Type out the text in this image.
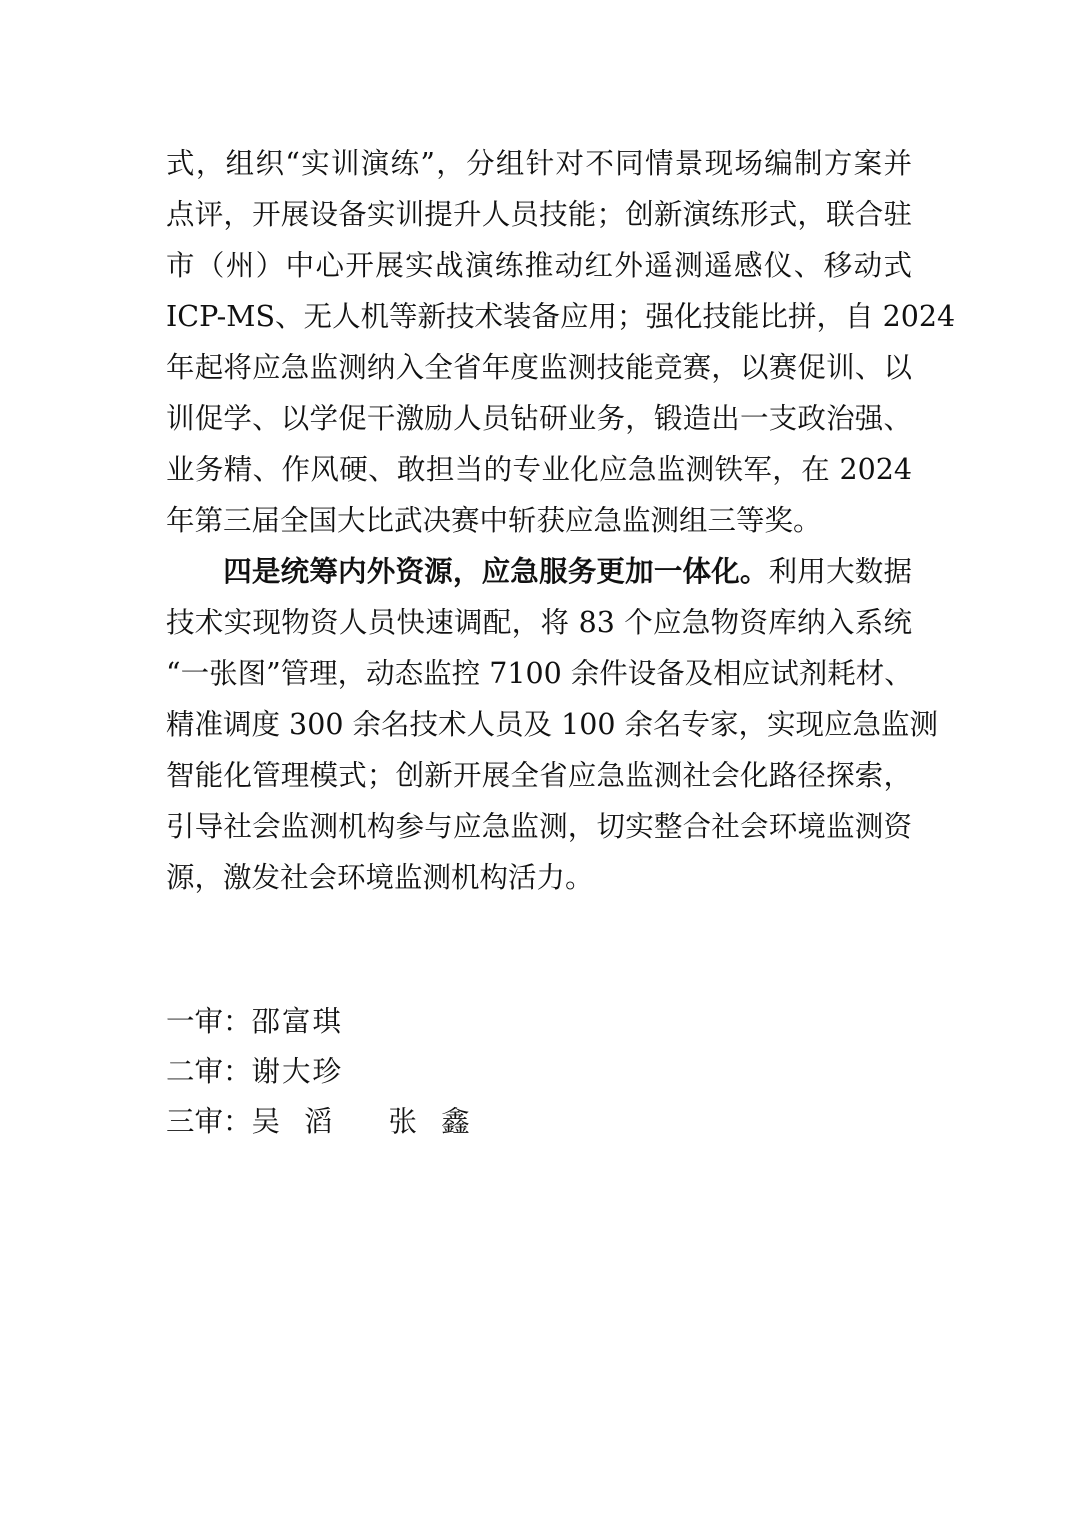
式，组织“实训演练”，分组针对不同情景现场编制方案并
点评，开展设备实训提升人员技能；创新演练形式，联合驻
市（州）中心开展实战演练推动红外遥测遥感仪、移动式
ICP-MS、无人机等新技术装备应用；强化技能比拼，自 2024
年起将应急监测纳入全省年度监测技能竞赛，以赛促训、以
训促学、以学促干激励人员钻研业务，锻造出一支政治强、
业务精、作风硬、敢担当的专业化应急监测铁军，在 2024
年第三届全国大比武决赛中斩获应急监测组三等奖。
四是统筹内外资源，应急服务更加一体化。利用大数据
技术实现物资人员快速调配，将 83 个应急物资库纳入系统
“一张图”管理，动态监控 7100 余件设备及相应试剂耗材、
精准调度 300 余名技术人员及 100 余名专家，实现应急监测
智能化管理模式；创新开展全省应急监测社会化路径探索，
引导社会监测机构参与应急监测，切实整合社会环境监测资
源，激发社会环境监测机构活力。
一审：邵富琪
二审：谢大珍
三审：吴 滔 张 鑫
